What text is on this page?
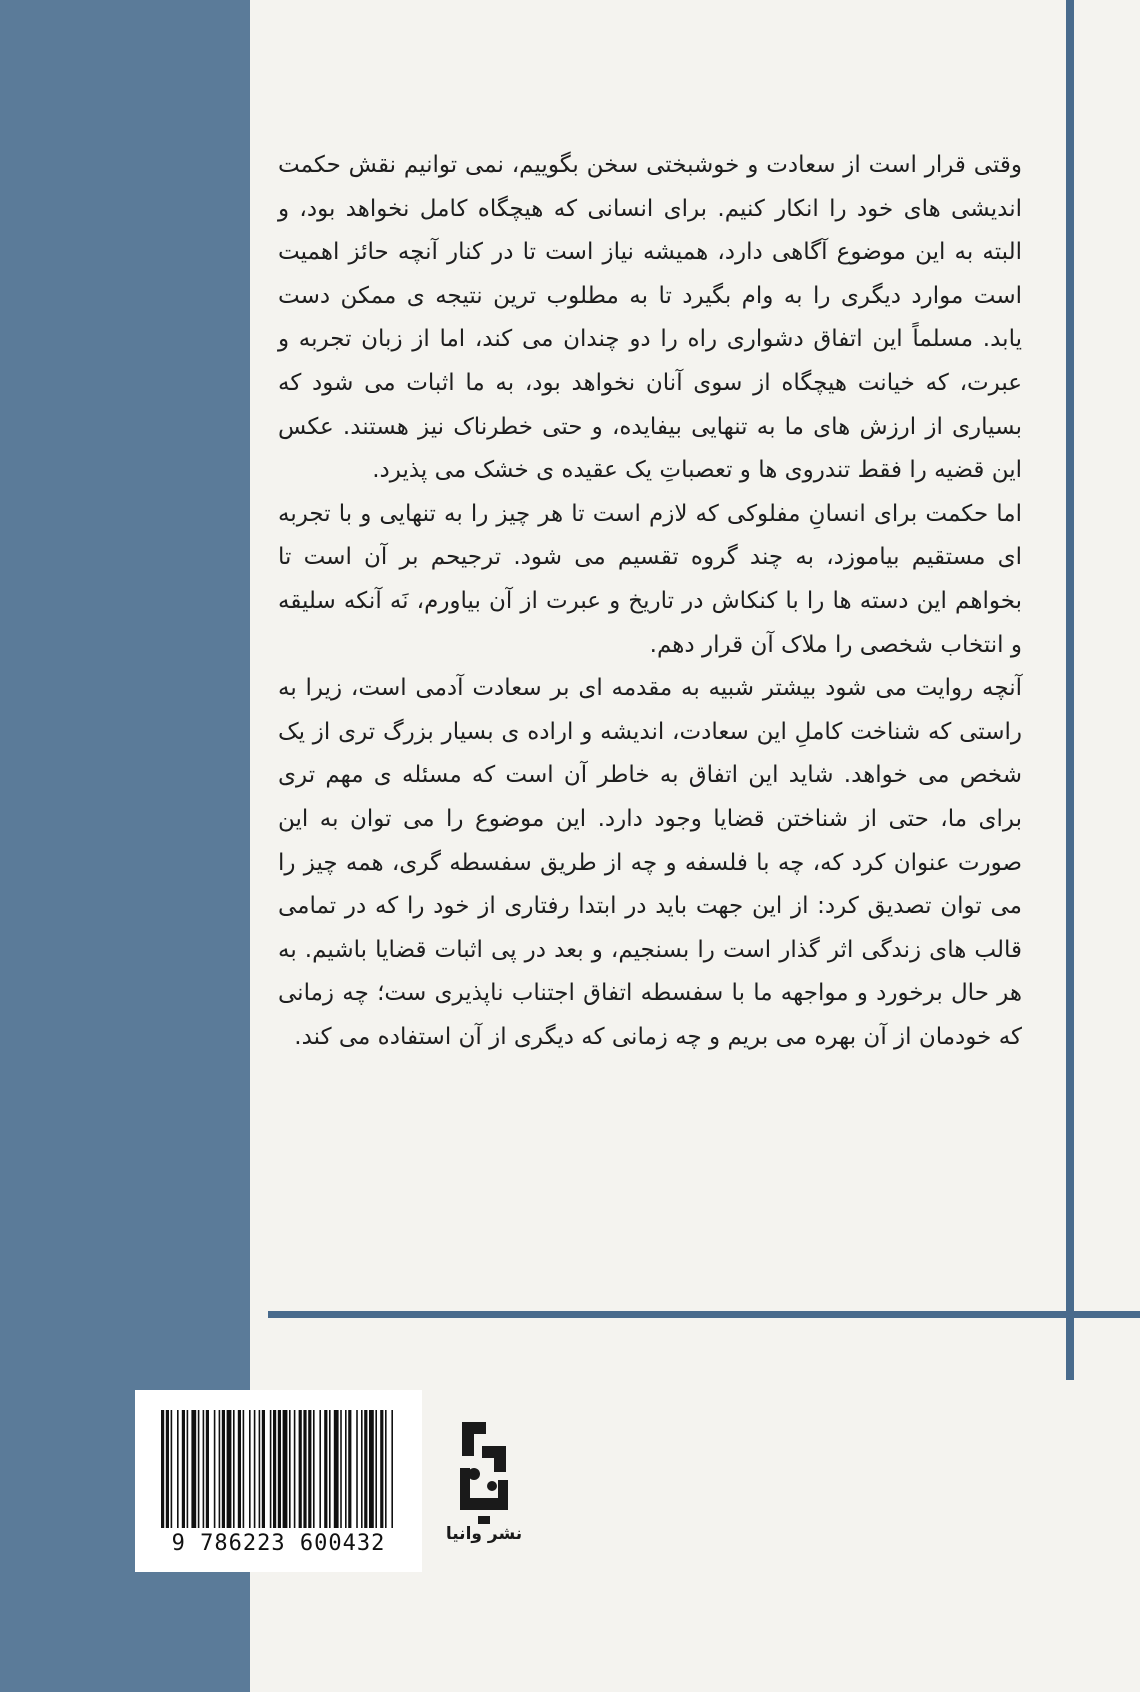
وقتی قرار است از سعادت و خوشبختی سخن بگوییم، نمی توانیم نقش حکمت اندیشی های خود را انکار کنیم. برای انسانی که هیچگاه کامل نخواهد بود، و البته به این موضوع آگاهی دارد، همیشه نیاز است تا در کنار آنچه حائز اهمیت است موارد دیگری را به وام بگیرد تا به مطلوب ترین نتیجه ی ممکن دست یابد. مسلماً این اتفاق دشواری راه را دو چندان می کند، اما از زبان تجربه و عبرت، که خیانت هیچگاه از سوی آنان نخواهد بود، به ما اثبات می شود که بسیاری از ارزش های ما به تنهایی بیفایده، و حتی خطرناک نیز هستند. عکس این قضیه را فقط تندروی ها و تعصباتِ یک عقیده ی خشک می پذیرد.

اما حکمت برای انسانِ مفلوکی که لازم است تا هر چیز را به تنهایی و با تجربه ای مستقیم بیاموزد، به چند گروه تقسیم می شود. ترجیحم بر آن است تا بخواهم این دسته ها را با کنکاش در تاریخ و عبرت از آن بیاورم، نَه آنکه سلیقه و انتخاب شخصی را ملاک آن قرار دهم.

آنچه روایت می شود بیشتر شبیه به مقدمه ای بر سعادت آدمی است، زیرا به راستی که شناخت کاملِ این سعادت، اندیشه و اراده ی بسیار بزرگ تری از یک شخص می خواهد. شاید این اتفاق به خاطر آن است که مسئله ی مهم تری برای ما، حتی از شناختن قضایا وجود دارد. این موضوع را می توان به این صورت عنوان کرد که، چه با فلسفه و چه از طریق سفسطه گری، همه چیز را می توان تصدیق کرد: از این جهت باید در ابتدا رفتاری از خود را که در تمامی قالب های زندگی اثر گذار است را بسنجیم، و بعد در پی اثبات قضایا باشیم. به هر حال برخورد و مواجهه ما با سفسطه اتفاق اجتناب ناپذیری ست؛ چه زمانی که خودمان از آن بهره می بریم و چه زمانی که دیگری از آن استفاده می کند.

9 786223 600432	نشر وانیا
